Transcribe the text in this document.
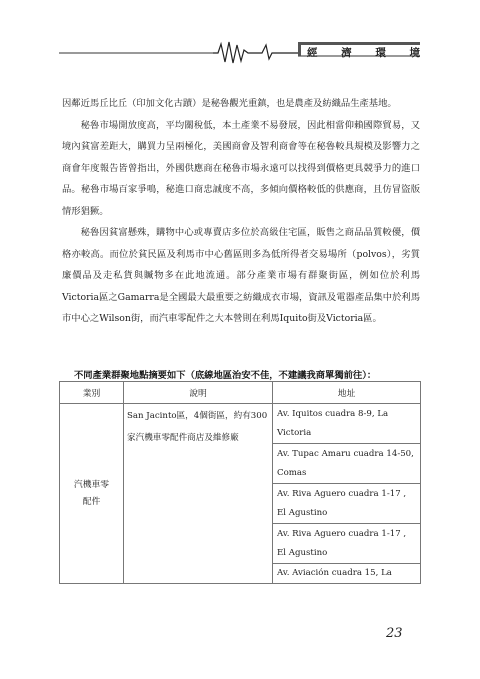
經 濟 環 境

因鄰近馬丘比丘（印加文化古蹟）是秘魯觀光重鎮，也是農產及紡織品生產基地。

秘魯市場開放度高，平均關稅低，本土產業不易發展，因此相當仰賴國際貿易，又境內貧富差距大，購買力呈兩極化，美國商會及智利商會等在秘魯較具規模及影響力之商會年度報告皆曾指出，外國供應商在秘魯市場永遠可以找得到價格更具競爭力的進口品。秘魯市場百家爭鳴，秘進口商忠誠度不高，多傾向價格較低的供應商，且仿冒盜版情形猖獗。

秘魯因貧富懸殊，購物中心或專賣店多位於高級住宅區，販售之商品品質較優，價格亦較高。而位於貧民區及利馬市中心舊區則多為低所得者交易場所（polvos），劣質廉價品及走私貨與贓物多在此地流通。部分產業市場有群聚街區，例如位於利馬Victoria區之Gamarra是全國最大最重要之紡織成衣市場，資訊及電器產品集中於利馬市中心之Wilson街，而汽車零配件之大本營則在利馬Iquito街及Victoria區。

不同產業群聚地點摘要如下（底線地區治安不佳，不建議我商單獨前往）：
業別	說明	地址
汽機車零配件	San Jacinto區，4個街區，約有300家汽機車零配件商店及維修廠	Av. Iquitos cuadra 8-9, La Victoria
		Av. Tupac Amaru cuadra 14-50, Comas
		Av. Riva Aguero cuadra 1-17 , El Agustino
		Av. Riva Aguero cuadra 1-17 , El Agustino
		Av. Aviación cuadra 15, La
23
